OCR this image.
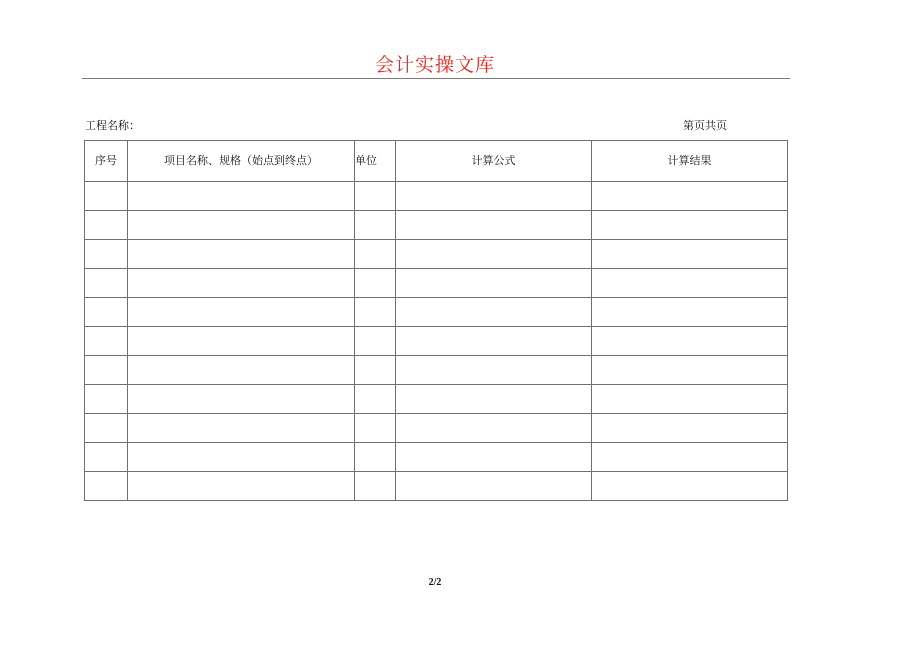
会计实操文库
工程名称：	第页共页
序号	项目名称、规格（始点到终点）	单位	计算公式	计算结果

2/2
